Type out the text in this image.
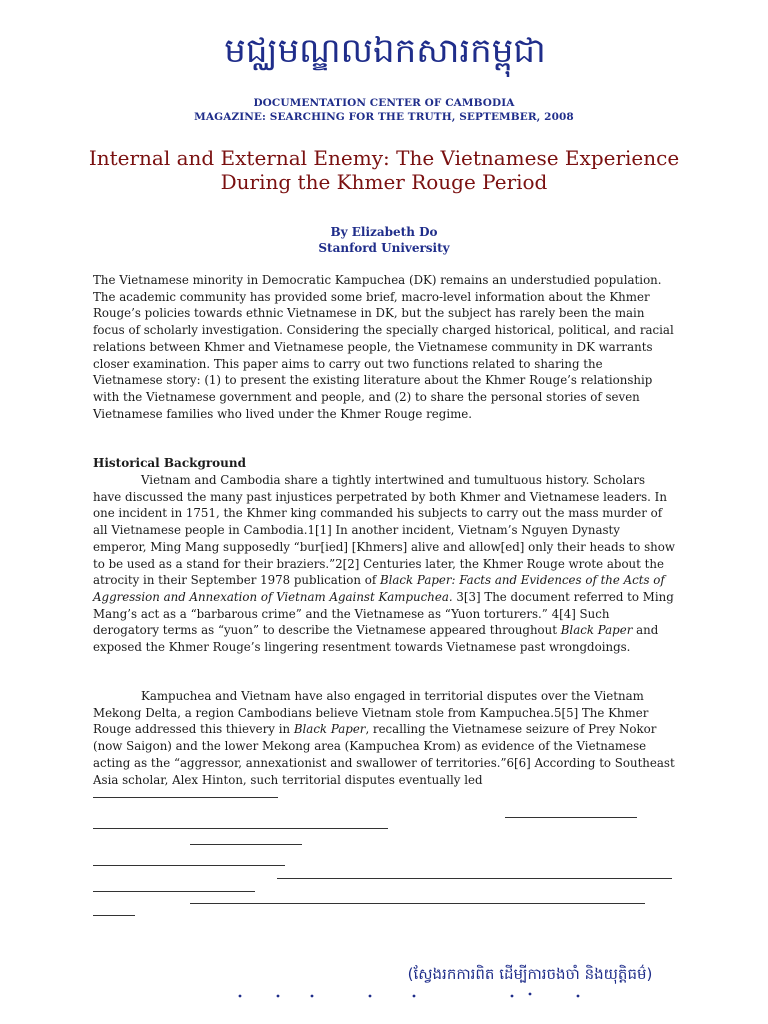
មជ្ឈមណ្ឌលឯកសារកម្ពុជា
DOCUMENTATION CENTER OF CAMBODIA
MAGAZINE: SEARCHING FOR THE TRUTH, SEPTEMBER, 2008
Internal and External Enemy: The Vietnamese Experience
During the Khmer Rouge Period
By Elizabeth Do
Stanford University
The Vietnamese minority in Democratic Kampuchea (DK) remains an understudied population. The academic community has provided some brief, macro-level information about the Khmer Rouge’s policies towards ethnic Vietnamese in DK, but the subject has rarely been the main focus of scholarly investigation. Considering the specially charged historical, political, and racial relations between Khmer and Vietnamese people, the Vietnamese community in DK warrants closer examination. This paper aims to carry out two functions related to sharing the Vietnamese story: (1) to present the existing literature about the Khmer Rouge’s relationship with the Vietnamese government and people, and (2) to share the personal stories of seven Vietnamese families who lived under the Khmer Rouge regime.
Historical Background
Vietnam and Cambodia share a tightly intertwined and tumultuous history. Scholars have discussed the many past injustices perpetrated by both Khmer and Vietnamese leaders. In one incident in 1751, the Khmer king commanded his subjects to carry out the mass murder of all Vietnamese people in Cambodia.1[1] In another incident, Vietnam’s Nguyen Dynasty emperor, Ming Mang supposedly “bur[ied] [Khmers] alive and allow[ed] only their heads to show to be used as a stand for their braziers.”2[2] Centuries later, the Khmer Rouge wrote about the atrocity in their September 1978 publication of Black Paper: Facts and Evidences of the Acts of Aggression and Annexation of Vietnam Against Kampuchea. 3[3] The document referred to Ming Mang’s act as a “barbarous crime” and the Vietnamese as “Yuon torturers.” 4[4] Such derogatory terms as “yuon” to describe the Vietnamese appeared throughout Black Paper and exposed the Khmer Rouge’s lingering resentment towards Vietnamese past wrongdoings.
Kampuchea and Vietnam have also engaged in territorial disputes over the Vietnam Mekong Delta, a region Cambodians believe Vietnam stole from Kampuchea.5[5] The Khmer Rouge addressed this thievery in Black Paper, recalling the Vietnamese seizure of Prey Nokor (now Saigon) and the lower Mekong area (Kampuchea Krom) as evidence of the Vietnamese acting as the “aggressor, annexationist and swallower of territories.”6[6] According to Southeast Asia scholar, Alex Hinton, such territorial disputes eventually led
(ស្វែងរកការពិត ដើម្បីការចងចាំ និងយុត្តិធម៌)
